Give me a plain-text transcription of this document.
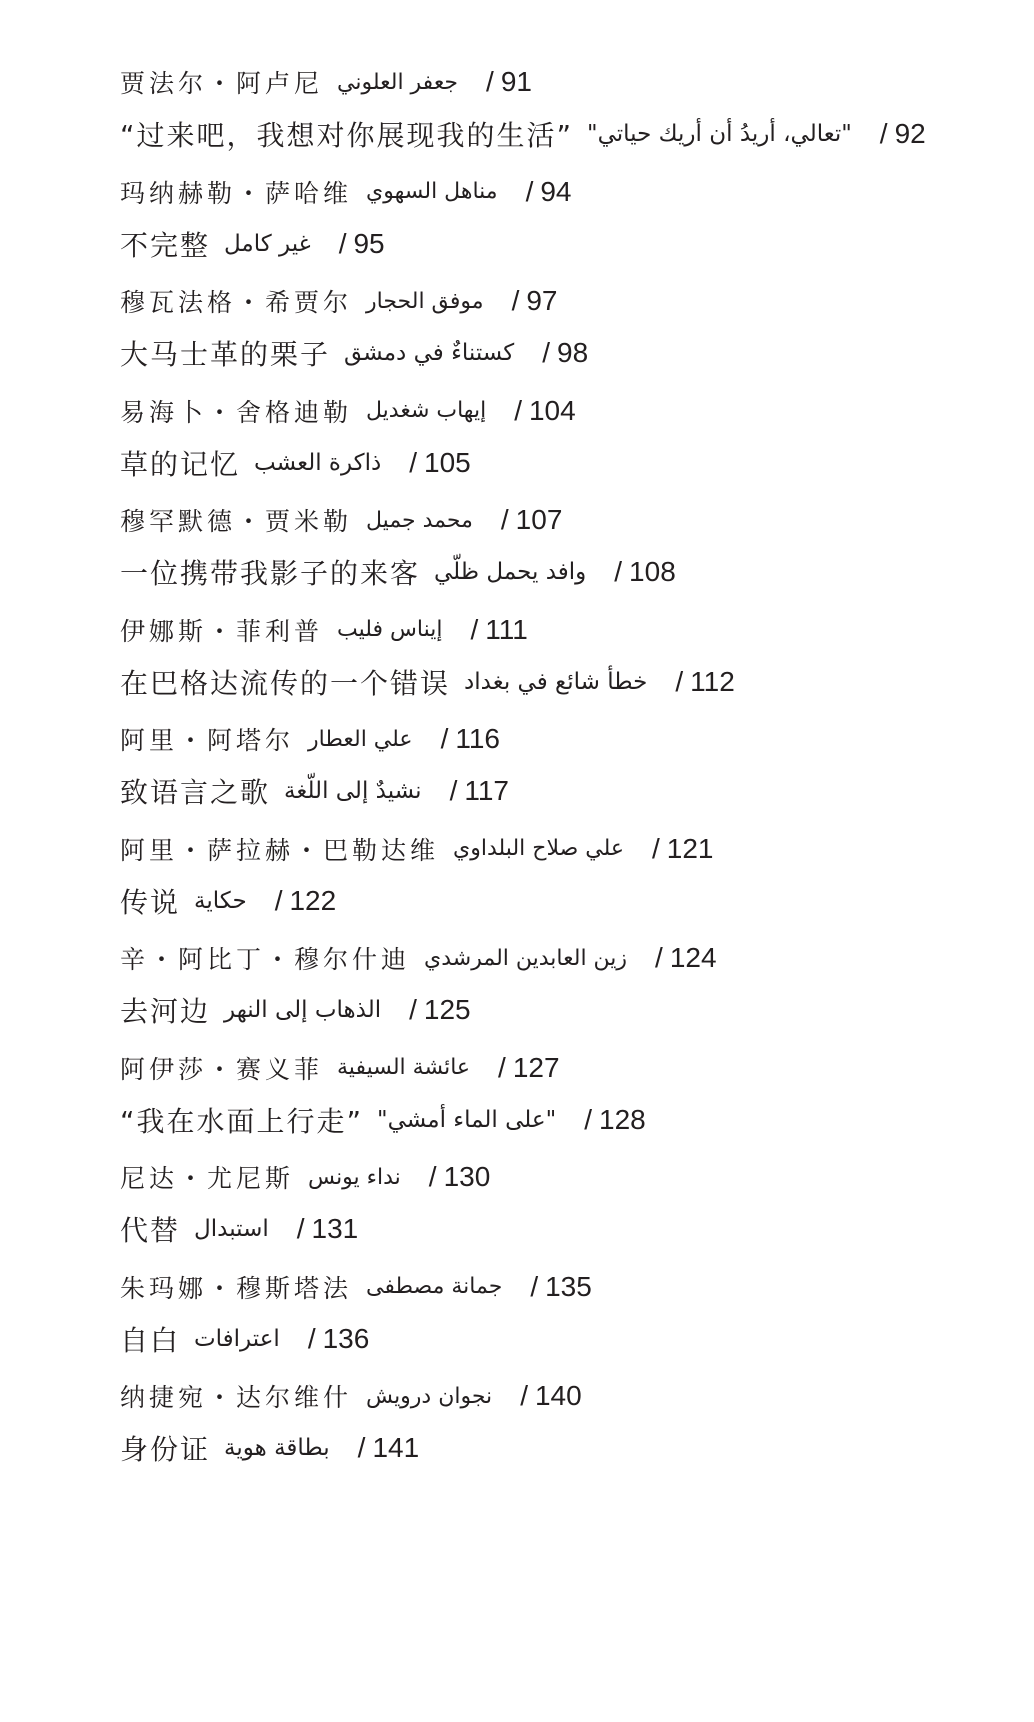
贾法尔・阿卢尼 جعفر العلوني / 91
“过来吧，我想对你展现我的生活” "تعالي، أريدُ أن أريك حياتي" / 92
玛纳赫勒・萨哈维 مناهل السهوي / 94
不完整 غير كامل / 95
穆瓦法格・希贾尔 موفق الحجار / 97
大马士革的栗子 كستناءٌ في دمشق / 98
易海卜・舍格迪勒 إيهاب شغديل / 104
草的记忆 ذاكرة العشب / 105
穆罕默德・贾米勒 محمد جميل / 107
一位携带我影子的来客 وافد يحمل ظلّي / 108
伊娜斯・菲利普 إيناس فليب / 111
在巴格达流传的一个错误 خطأ شائع في بغداد / 112
阿里・阿塔尔 علي العطار / 116
致语言之歌 نشيدٌ إلى اللّغة / 117
阿里・萨拉赫・巴勒达维 علي صلاح البلداوي / 121
传说 حكاية / 122
辛・阿比丁・穆尔什迪 زين العابدين المرشدي / 124
去河边 الذهاب إلى النهر / 125
阿伊莎・赛义菲 عائشة السيفية / 127
“我在水面上行走” "على الماء أمشي" / 128
尼达・尤尼斯 نداء يونس / 130
代替 استبدال / 131
朱玛娜・穆斯塔法 جمانة مصطفى / 135
自白 اعترافات / 136
纳捷宛・达尔维什 نجوان درويش / 140
身份证 بطاقة هوية / 141
